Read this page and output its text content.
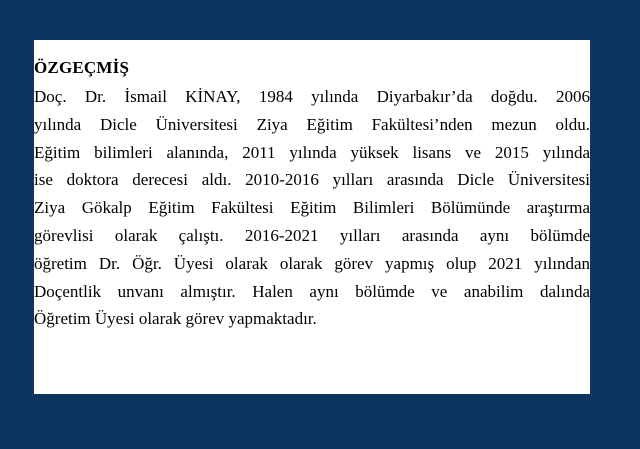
ÖZGEÇMİŞ
Doç. Dr. İsmail KİNAY, 1984 yılında Diyarbakır’da doğdu. 2006
yılında Dicle Üniversitesi Ziya Eğitim Fakültesi’nden mezun oldu.
Eğitim bilimleri alanında, 2011 yılında yüksek lisans ve 2015 yılında
ise doktora derecesi aldı. 2010-2016 yılları arasında Dicle Üniversitesi
Ziya Gökalp Eğitim Fakültesi Eğitim Bilimleri Bölümünde araştırma
görevlisi olarak çalıştı. 2016-2021 yılları arasında aynı bölümde
öğretim Dr. Öğr. Üyesi olarak olarak görev yapmış olup 2021 yılından
Doçentlik unvanı almıştır. Halen aynı bölümde ve anabilim dalında
Öğretim Üyesi olarak görev yapmaktadır.
